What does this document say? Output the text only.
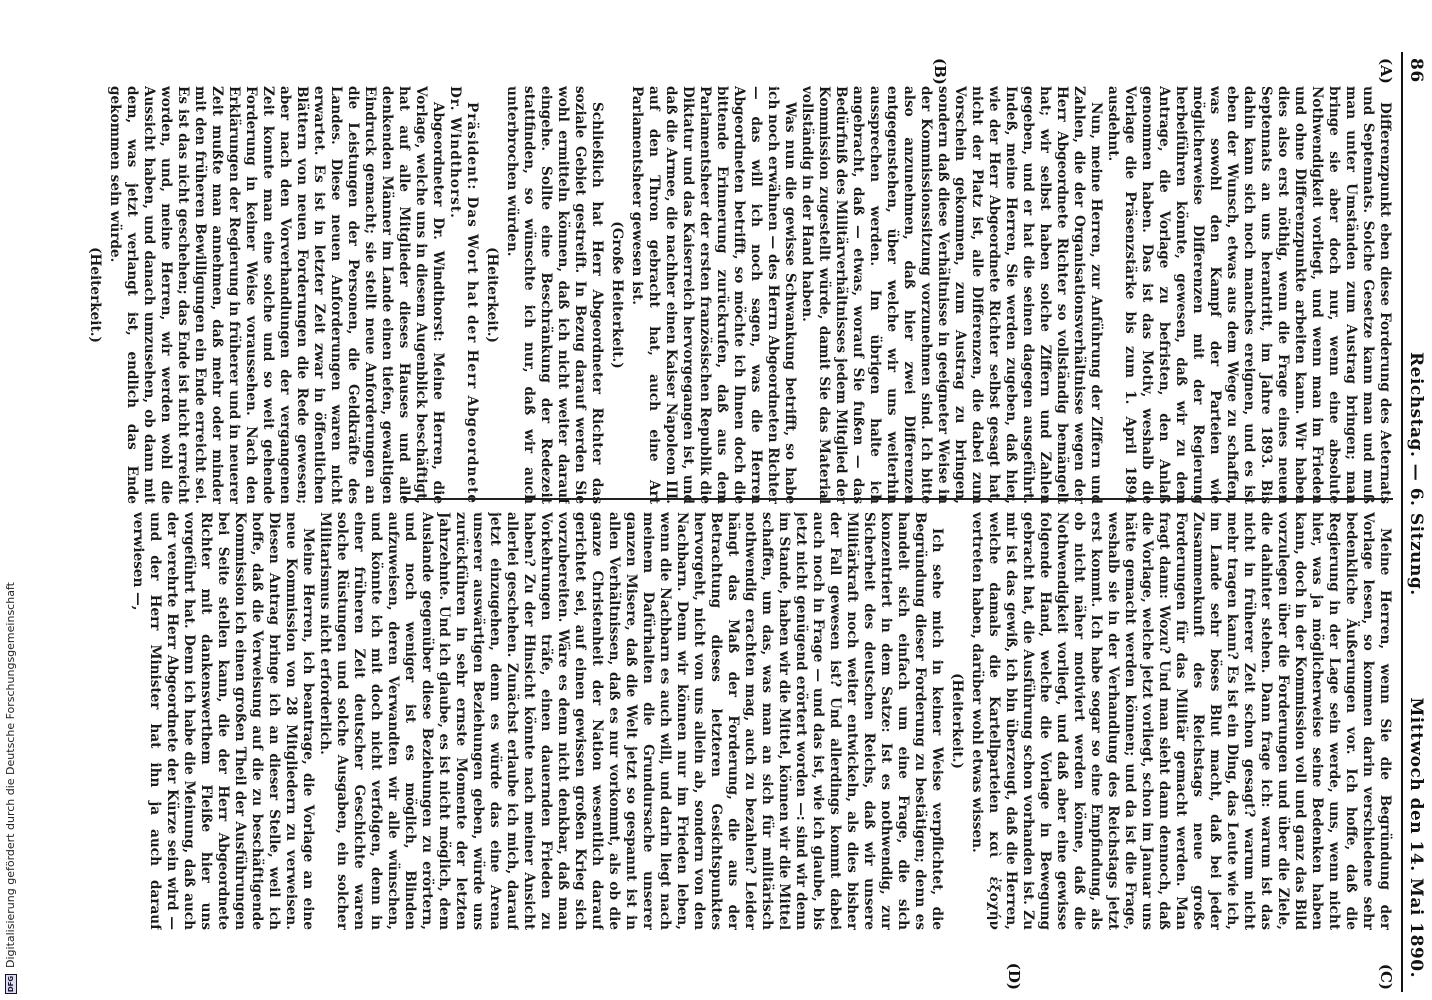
86
Reichstag. — 6. Sitzung.
Mittwoch den 14. Mai 1890.
(A)
(B)
(C)
(D)

Differenzpunkt eben diese Forderung des Aeternats und Septennats. Solche Gesetze kann man und muß man unter Umständen zum Austrag bringen; man bringe sie aber doch nur, wenn eine absolute Nothwendigkeit vorliegt, und wenn man im Frieden und ohne Differenzpunkte arbeiten kann. Wir haben dies also erst nöthig, wenn die Frage eines neuen Septennats an uns herantritt, im Jahre 1893. Bis dahin kann sich noch manches ereignen, und es ist eben der Wunsch, etwas aus dem Wege zu schaffen, was sowohl den Kampf der Parteien wie möglicherweise Differenzen mit der Regierung herbeiführen könnte, gewesen, daß wir zu dem Antrage, die Vorlage zu befristen, den Anlaß genommen haben. Das ist das Motiv, weshalb die Vorlage die Präsenzstärke bis zum 1. April 1894 ausdehnt.

Nun, meine Herren, zur Anführung der Ziffern und Zahlen, die der Organisationsverhältnisse wegen der Herr Abgeordnete Richter so vollständig bemängelt hat; wir selbst haben solche Ziffern und Zahlen gegeben, und er hat die seinen dagegen ausgeführt. Indeß, meine Herren, Sie werden zugeben, daß hier, wie der Herr Abgeordnete Richter selbst gesagt hat, nicht der Platz ist, alle Differenzen, die dabei zum Vorschein gekommen, zum Austrag zu bringen, sondern daß diese Verhältnisse in geeigneter Weise in der Kommissionssitzung vorzunehmen sind. Ich bitte also anzunehmen, daß hier zwei Differenzen entgegenstehen, über welche wir uns weiterhin aussprechen werden. Im übrigen halte ich angebracht, daß — etwas, worauf Sie fußen — das Bedürfniß des Militärverhältnisses jedem Mitglied der Kommission zugestellt würde, damit Sie das Material vollständig in der Hand haben.

Was nun die gewisse Schwankung betrifft, so habe ich noch erwähnen — des Herrn Abgeordneten Richter — das will ich noch sagen, was die Herren Abgeordneten betrifft, so möchte ich Ihnen doch die bittende Erinnerung zurückrufen, daß aus dem Parlamentsheer der ersten französischen Republik die Diktatur und das Kaiserreich hervorgegangen ist, und daß die Armee, die nachher einen Kaiser Napoleon III. auf den Thron gebracht hat, auch eine Art Parlamentsheer gewesen ist.

(Große Heiterkeit.)

Schließlich hat Herr Abgeordneter Richter das soziale Gebiet gestreift. In Bezug darauf werden Sie wohl ermitteln können, daß ich nicht weiter darauf eingehe. Sollte eine Beschränkung der Redezeit stattfinden, so wünschte ich nur, daß wir auch unterbrochen würden.

(Heiterkeit.)

Präsident: Das Wort hat der Herr Abgeordnete Dr. Windthorst.

Abgeordneter Dr. Windthorst: Meine Herren, die Vorlage, welche uns in diesem Augenblick beschäftigt, hat auf alle Mitglieder dieses Hauses und alle denkenden Männer im Lande einen tiefen, gewaltigen Eindruck gemacht; sie stellt neue Anforderungen an die Leistungen der Personen, die Geldkräfte des Landes. Diese neuen Anforderungen waren nicht erwartet. Es ist in letzter Zeit zwar in öffentlichen Blättern von neuen Forderungen die Rede gewesen; aber nach den Vorverhandlungen der vergangenen Zeit konnte man eine solche und so weit gehende Forderung in keiner Weise voraussehen. Nach den Erklärungen der Regierung in früherer und in neuerer Zeit mußte man annehmen, daß mehr oder minder mit den früheren Bewilligungen ein Ende erreicht sei. Es ist das nicht geschehen; das Ende ist nicht erreicht worden, und, meine Herren, wir werden wohl die Aussicht haben, und danach umzusehen, ob dann mit dem, was jetzt verlangt ist, endlich das Ende gekommen sein würde.

(Heiterkeit.)

Meine Herren, wenn Sie die Begründung der Vorlage lesen, so kommen darin verschiedene sehr bedenkliche Äußerungen vor. Ich hoffe, daß die Regierung in der Lage sein werde, uns, wenn nicht hier, was ja möglicherweise seine Bedenken haben kann, doch in der Kommission voll und ganz das Bild vorzulegen über die Forderungen und über die Ziele, die dahinter stehen. Dann frage ich: warum ist das nicht in früherer Zeit schon gesagt? warum nicht mehr tragen kann? Es ist ein Ding, das Leute wie ich, im Lande sehr böses Blut macht, daß bei jeder Zusammenkunft des Reichstags neue große Forderungen für das Militär gemacht werden. Man fragt dann: Wozu? Und man sieht dann dennoch, daß die Vorlage, welche jetzt vorliegt, schon im Januar uns hätte gemacht werden können; und da ist die Frage, weshalb sie in der Verhandlung des Reichstags jetzt erst kommt. Ich habe sogar so eine Empfindung, als ob nicht näher motiviert werden könne, daß die Nothwendigkeit vorliegt, und daß aber eine gewisse folgende Hand, welche die Vorlage in Bewegung gebracht hat, die Ausführung schon vorhanden ist. Zu mir ist das gewiß, ich bin überzeugt, daß die Herren, welche damals die Kartellparteien καὶ ἐξοχήν vertreten haben, darüber wohl etwas wissen.

(Heiterkeit.)

Ich sehe mich in keiner Weise verpflichtet, die Begründung dieser Forderung zu bestätigen; denn es handelt sich einfach um eine Frage, die sich konzentriert in dem Satze: Ist es nothwendig, zur Sicherheit des deutschen Reichs, daß wir unsere Militärkraft noch weiter entwickeln, als dies bisher der Fall gewesen ist? Und allerdings kommt dabei auch noch in Frage — und das ist, wie ich glaube, bis jetzt nicht genügend erörtert worden —: sind wir denn im Stande, haben wir die Mittel, können wir die Mittel schaffen, um das, was man an sich für militärisch nothwendig erachten mag, auch zu bezahlen? Leider hängt das Maß der Forderung, die aus der Betrachtung dieses letzteren Gesichtspunktes hervorgeht, nicht von uns allein ab, sondern von den Nachbarn. Denn wir können nur im Frieden leben, wenn die Nachbarn es auch will, und darin liegt nach meinem Dafürhalten die Grundursache unserer ganzen Misere, daß die Welt jetzt so gespannt ist in allen Verhältnissen, daß es nur vorkommt, als ob die ganze Christenheit der Nation wesentlich darauf gerichtet sei, auf einen gewissen großen Krieg sich vorzubereiten. Wäre es denn nicht denkbar, daß man Vorkehrungen träfe, einen dauernden Frieden zu haben? Zu der Hinsicht könnte nach meiner Ansicht allerlei geschehen. Zunächst erlaube ich mich, darauf jetzt einzugehen, denn es würde das eine Arena unserer auswärtigen Beziehungen geben, würde uns zurückführen in sehr ernste Momente der letzten Jahrzehnte. Und ich glaube, es ist nicht möglich, dem Auslande gegenüber diese Beziehungen zu erörtern, und noch weniger ist es möglich, Blinden aufzuweisen, deren Verwandten wir alle wünschen, und könnte ich mit doch nicht verfolgen, denn in einer früheren Zeit deutscher Geschichte waren solche Rüstungen und solche Ausgaben, ein solcher Militarismus nicht erforderlich.

Meine Herren, ich beantrage, die Vorlage an eine neue Kommission von 28 Mitgliedern zu verweisen. Diesen Antrag bringe ich an dieser Stelle, weil ich hoffe, daß die Verweisung auf die zu beschäftigende Kommission ich einen großen Theil der Ausführungen bei Seite stellen kann, die der Herr Abgeordnete Richter mit dankenswerthem Fleiße hier uns vorgeführt hat. Denn ich habe die Meinung, daß auch der verehrte Herr Abgeordnete der Kürze sein wird — und der Herr Minister hat ihn ja auch darauf verwiesen —,

DFG
Digitalisierung gefördert durch die Deutsche Forschungsgemeinschaft
